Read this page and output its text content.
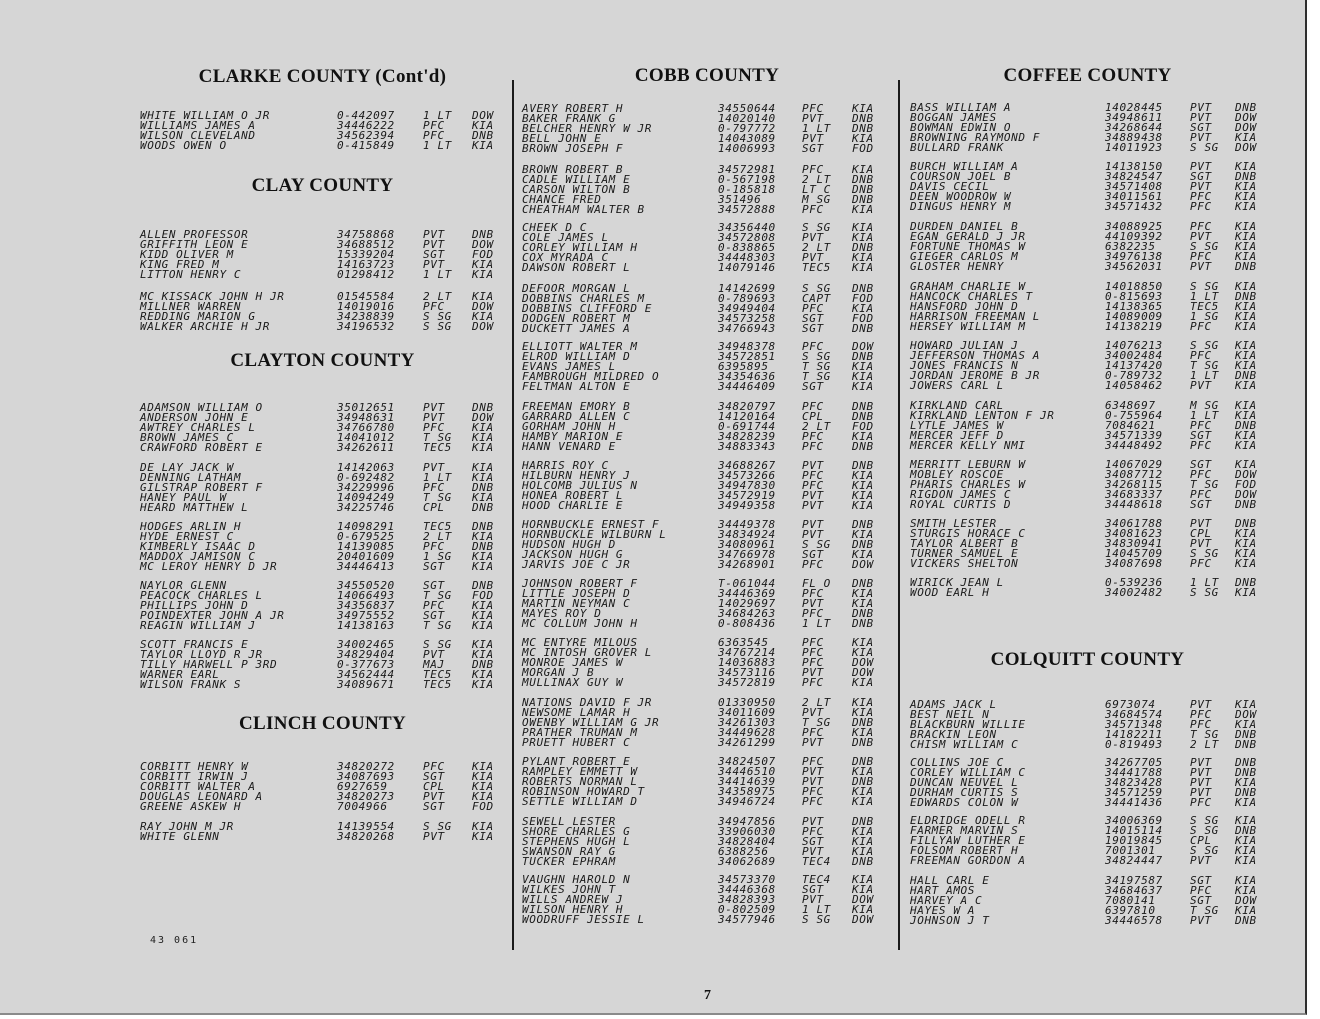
43 061
7
CLARKE COUNTY (Cont'd)
WHITE WILLIAM O JR	0-442097	1 LT DOW
WILLIAMS JAMES A	34446222	PFC KIA
WILSON CLEVELAND	34562394	PFC DNB
WOODS OWEN O	0-415849	1 LT KIA
CLAY COUNTY
ALLEN PROFESSOR	34758868	PVT DNB
GRIFFITH LEON E	34688512	PVT DOW
KIDD OLIVER M	15339204	SGT FOD
KING FRED M	14163723	PVT KIA
LITTON HENRY C	01298412	1 LT KIA
MC KISSACK JOHN H JR	01545584	2 LT KIA
MILLNER WARREN	14019016	PFC DOW
REDDING MARION G	34238839	S SG KIA
WALKER ARCHIE H JR	34196532	S SG DOW
CLAYTON COUNTY
ADAMSON WILLIAM O	35012651	PVT DNB
ANDERSON JOHN E	34948631	PVT DOW
AWTREY CHARLES L	34766780	PFC KIA
BROWN JAMES C	14041012	T SG KIA
CRAWFORD ROBERT E	34262611	TEC5 KIA
DE LAY JACK W	14142063	PVT KIA
DENNING LATHAM	0-692482	1 LT KIA
GILSTRAP ROBERT F	34229996	PFC DNB
HANEY PAUL W	14094249	T SG KIA
HEARD MATTHEW L	34225746	CPL DNB
HODGES ARLIN H	14098291	TEC5 DNB
HYDE ERNEST C	0-679525	2 LT KIA
KIMBERLY ISAAC D	14139085	PFC DNB
MADDOX JAMISON C	20401609	1 SG KIA
MC LEROY HENRY D JR	34446413	SGT KIA
NAYLOR GLENN	34550520	SGT DNB
PEACOCK CHARLES L	14066493	T SG FOD
PHILLIPS JOHN D	34356837	PFC KIA
POINDEXTER JOHN A JR	34975552	SGT KIA
REAGIN WILLIAM J	14138163	T SG KIA
SCOTT FRANCIS E	34002465	S SG KIA
TAYLOR LLOYD R JR	34829404	PVT KIA
TILLY HARWELL P 3RD	0-377673	MAJ DNB
WARNER EARL	34562444	TEC5 KIA
WILSON FRANK S	34089671	TEC5 KIA
CLINCH COUNTY
CORBITT HENRY W	34820272	PFC KIA
CORBITT IRWIN J	34087693	SGT KIA
CORBITT WALTER A	6927659	CPL KIA
DOUGLAS LEONARD A	34820273	PVT KIA
GREENE ASKEW H	7004966	SGT FOD
RAY JOHN M JR	14139554	S SG KIA
WHITE GLENN	34820268	PVT KIA
COBB COUNTY
AVERY ROBERT H	34550644 PFC	KIA
BAKER FRANK G	14020140 PVT	DNB
BELCHER HENRY W JR	0-797772 1 LT DNB
BELL JOHN E	14043089 PVT	KIA
BROWN JOSEPH F	14006993 SGT	FOD
BROWN ROBERT B	34572981 PFC	KIA
CADLE WILLIAM E	0-567198 2 LT DNB
CARSON WILTON B	0-185818 LT C DNB
CHANCE FRED	351496	M SG DNB
CHEATHAM WALTER B	34572888 PFC	KIA
CHEEK D C	34356440 S SG KIA
COLE JAMES L	34572808 PVT	KIA
CORLEY WILLIAM H	0-838865 2 LT DNB
COX MYRADA C	34448303 PVT	KIA
DAWSON ROBERT L	14079146 TEC5 KIA
DEFOOR MORGAN L	14142699 S SG DNB
DOBBINS CHARLES M	0-789693 CAPT FOD
DOBBINS CLIFFORD E	34949404 PFC	KIA
DODGEN ROBERT M	34573258 SGT	FOD
DUCKETT JAMES A	34766943 SGT	DNB
ELLIOTT WALTER M	34948378 PFC	DOW
ELROD WILLIAM D	34572851 S SG DNB
EVANS JAMES L	6395895	T SG KIA
FAMBROUGH MILDRED O	34354636 T SG KIA
FELTMAN ALTON E	34446409 SGT	KIA
FREEMAN EMORY B	34820797 PFC	DNB
GARRARD ALLEN C	14120164 CPL	DNB
GORHAM JOHN H	0-691744 2 LT FOD
HAMBY MARION E	34828239 PFC	KIA
HANN VENARD E	34883343 PFC	DNB
HARRIS ROY C	34688267 PVT	DNB
HILBURN HENRY J	34573266 PFC	KIA
HOLCOMB JULIUS N	34947830 PFC	KIA
HONEA ROBERT L	34572919 PVT	KIA
HOOD CHARLIE E	34949358 PVT	KIA
HORNBUCKLE ERNEST F	34449378 PVT	DNB
HORNBUCKLE WILBURN L	34834924 PVT	KIA
HUDSON HUGH D	34080961 S SG DNB
JACKSON HUGH G	34766978 SGT	KIA
JARVIS JOE C JR	34268901 PFC	DOW
JOHNSON ROBERT F	T-061044 FL O DNB
LITTLE JOSEPH D	34446369 PFC	KIA
MARTIN NEYMAN C	14029697 PVT	KIA
MAYES ROY D	34684263 PFC	DNB
MC COLLUM JOHN H	0-808436 1 LT DNB
MC ENTYRE MILOUS	6363545	PFC	KIA
MC INTOSH GROVER L	34767214 PFC	KIA
MONROE JAMES W	14036883 PFC	DOW
MORGAN J B	34573116 PVT	DOW
MULLINAX GUY W	34572819 PFC	KIA
NATIONS DAVID F JR	01330950 2 LT KIA
NEWSOME LAMAR H	34011609 PVT	KIA
OWENBY WILLIAM G JR	34261303 T SG DNB
PRATHER TRUMAN M	34449628 PFC	KIA
PRUETT HUBERT C	34261299 PVT	DNB
PYLANT ROBERT E	34824507 PFC	DNB
RAMPLEY EMMETT W	34446510 PVT	KIA
ROBERTS NORMAN L	34414639 PVT	DNB
ROBINSON HOWARD T	34358975 PFC	KIA
SETTLE WILLIAM D	34946724 PFC	KIA
SEWELL LESTER	34947856 PVT	DNB
SHORE CHARLES G	33906030 PFC	KIA
STEPHENS HUGH L	34828404 SGT	KIA
SWANSON RAY G	6388256	PVT	KIA
TUCKER EPHRAM	34062689 TEC4 DNB
VAUGHN HAROLD N	34573370 TEC4 KIA
WILKES JOHN T	34446368 SGT	KIA
WILLS ANDREW J	34828393 PVT	DOW
WILSON HENRY H	0-802509 1 LT KIA
WOODRUFF JESSIE L	34577946 S SG DOW
COFFEE COUNTY
BASS WILLIAM A	14028445 PVT DNB
BOGGAN JAMES	34948611 PVT DOW
BOWMAN EDWIN O	34268644 SGT DOW
BROWNING RAYMOND F	34889438 PVT KIA
BULLARD FRANK	14011923 S SG DOW
BURCH WILLIAM A	14138150 PVT KIA
COURSON JOEL B	34824547 SGT DNB
DAVIS CECIL	34571408 PVT KIA
DEEN WOODROW W	34011561 PFC KIA
DINGUS HENRY M	34571432 PFC KIA
DURDEN DANIEL B	34088925 PFC KIA
EGAN GERALD J JR	44109392 PVT KIA
FORTUNE THOMAS W	6382235	S SG KIA
GIEGER CARLOS M	34976138 PFC KIA
GLOSTER HENRY	34562031 PVT DNB
GRAHAM CHARLIE W	14018850 S SG KIA
HANCOCK CHARLES T	0-815693 1 LT DNB
HANSFORD JOHN D	14138365 TEC5 KIA
HARRISON FREEMAN L	14089009 1 SG KIA
HERSEY WILLIAM M	14138219 PFC KIA
HOWARD JULIAN J	14076213 S SG KIA
JEFFERSON THOMAS A	34002484 PFC KIA
JONES FRANCIS N	14137420 T SG KIA
JORDAN JEROME B JR	0-789732 1 LT DNB
JOWERS CARL L	14058462 PVT KIA
KIRKLAND CARL	6348697	M SG KIA
KIRKLAND LENTON F JR	0-755964 1 LT KIA
LYTLE JAMES W	7084621	PFC DNB
MERCER JEFF D	34571339 SGT KIA
MERCER KELLY NMI	34448492 PFC KIA
MERRITT LEBURN W	14067029 SGT KIA
MOBLEY ROSCOE	34087712 PFC DOW
PHARIS CHARLES W	34268115 T SG FOD
RIGDON JAMES C	34683337 PFC DOW
ROYAL CURTIS D	34448618 SGT DNB
SMITH LESTER	34061788 PVT DNB
STURGIS HORACE C	34081623 CPL KIA
TAYLOR ALBERT B	34830941 PVT KIA
TURNER SAMUEL E	14045709 S SG KIA
VICKERS SHELTON	34087698 PFC KIA
WIRICK JEAN L	0-539236 1 LT DNB
WOOD EARL H	34002482 S SG KIA
COLQUITT COUNTY
ADAMS JACK L	6973074	PVT KIA
BEST NEIL N	34684574 PFC DOW
BLACKBURN WILLIE	34571348 PFC KIA
BRACKIN LEON	14182211 T SG DNB
CHISM WILLIAM C	0-819493 2 LT DNB
COLLINS JOE C	34267705 PVT DNB
CORLEY WILLIAM C	34441788 PVT DNB
DUNCAN NEUVEL L	34823428 PVT KIA
DURHAM CURTIS S	34571259 PVT DNB
EDWARDS COLON W	34441436 PFC KIA
ELDRIDGE ODELL R	34006369 S SG KIA
FARMER MARVIN S	14015114 S SG DNB
FILLYAW LUTHER E	19019845 CPL KIA
FOLSOM ROBERT H	7001301	S SG KIA
FREEMAN GORDON A	34824447 PVT KIA
HALL CARL E	34197587 SGT KIA
HART AMOS	34684637 PFC KIA
HARVEY A C	7080141	SGT DOW
HAYES W A	6397810	T SG KIA
JOHNSON J T	34446578 PVT DNB
